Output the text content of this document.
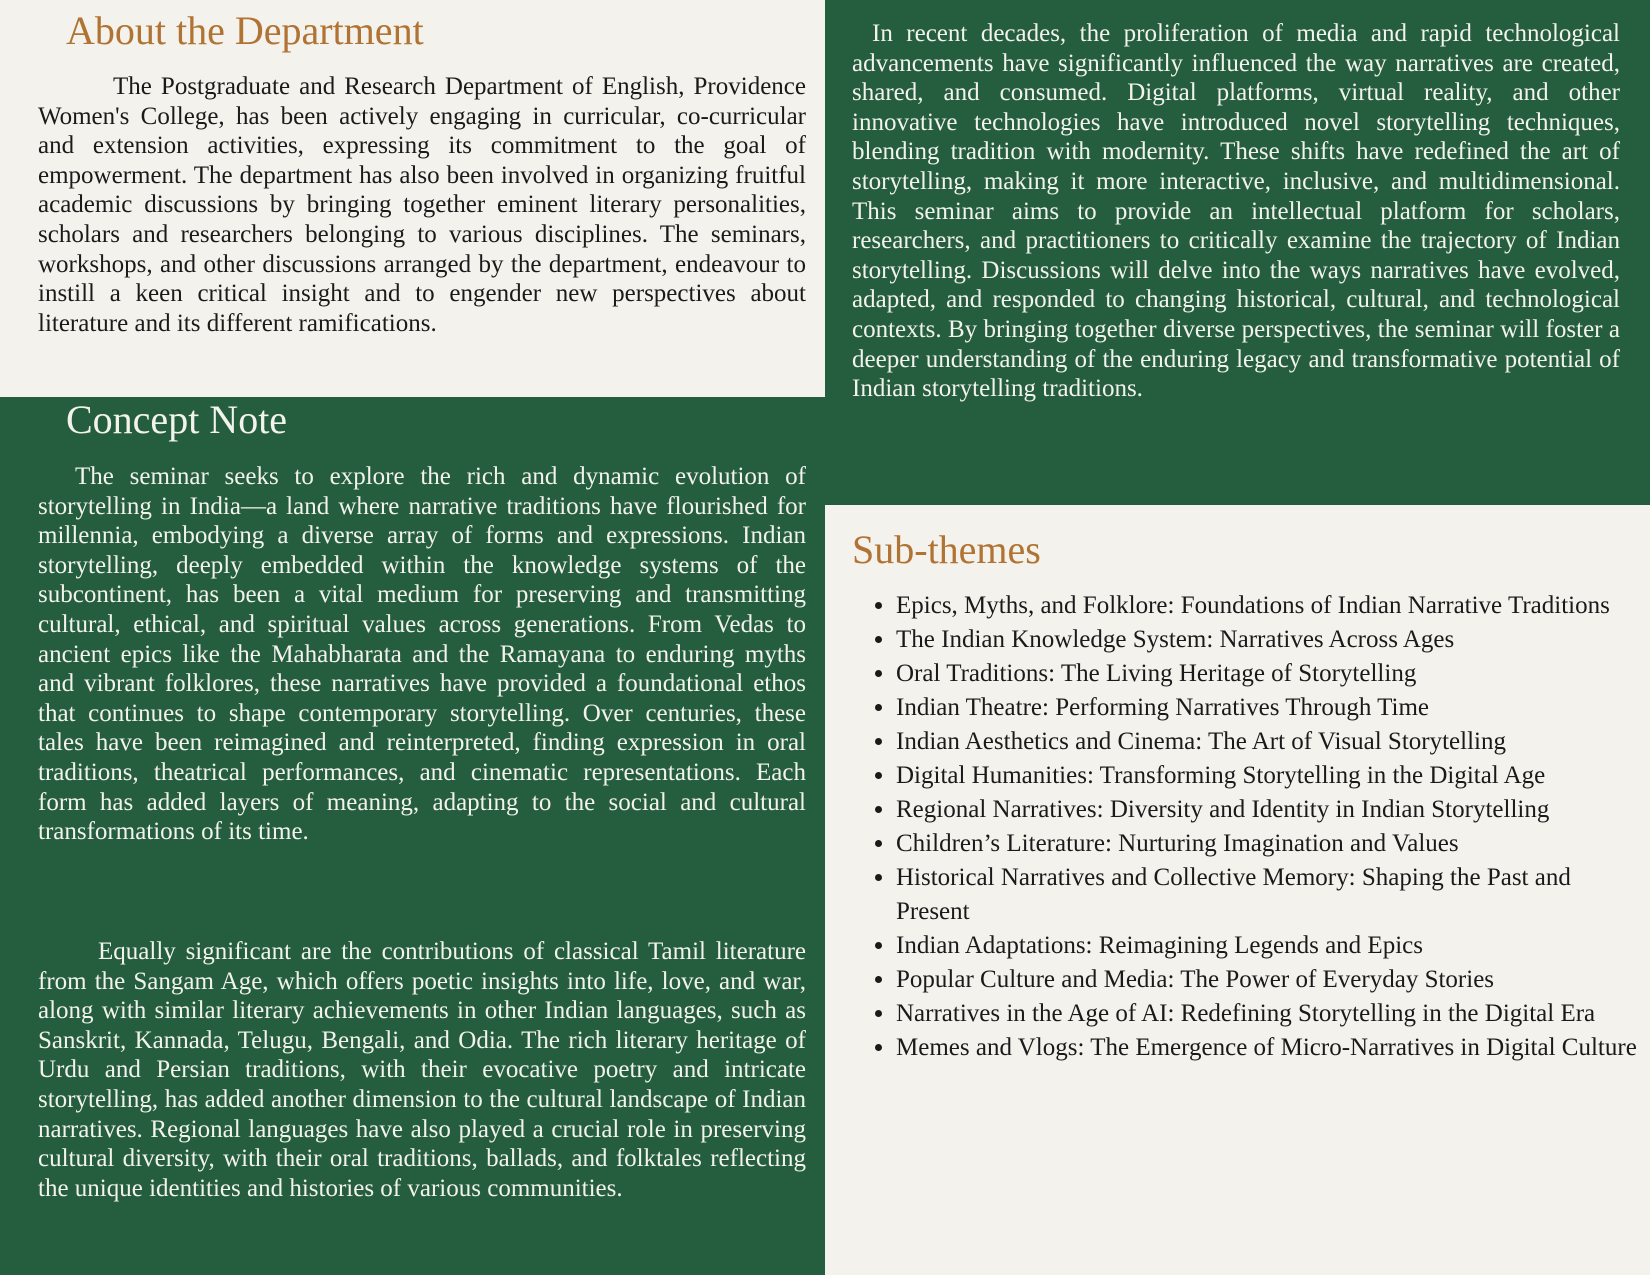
About the Department

The Postgraduate and Research Department of English, Providence Women's College, has been actively engaging in curricular, co-curricular and extension activities, expressing its commitment to the goal of empowerment. The department has also been involved in organizing fruitful academic discussions by bringing together eminent literary personalities, scholars and researchers belonging to various disciplines. The seminars, workshops, and other discussions arranged by the department, endeavour to instill a keen critical insight and to engender new perspectives about literature and its different ramifications.

Concept Note

The seminar seeks to explore the rich and dynamic evolution of storytelling in India—a land where narrative traditions have flourished for millennia, embodying a diverse array of forms and expressions. Indian storytelling, deeply embedded within the knowledge systems of the subcontinent, has been a vital medium for preserving and transmitting cultural, ethical, and spiritual values across generations. From Vedas to ancient epics like the Mahabharata and the Ramayana to enduring myths and vibrant folklores, these narratives have provided a foundational ethos that continues to shape contemporary storytelling. Over centuries, these tales have been reimagined and reinterpreted, finding expression in oral traditions, theatrical performances, and cinematic representations. Each form has added layers of meaning, adapting to the social and cultural transformations of its time.

Equally significant are the contributions of classical Tamil literature from the Sangam Age, which offers poetic insights into life, love, and war, along with similar literary achievements in other Indian languages, such as Sanskrit, Kannada, Telugu, Bengali, and Odia. The rich literary heritage of Urdu and Persian traditions, with their evocative poetry and intricate storytelling, has added another dimension to the cultural landscape of Indian narratives. Regional languages have also played a crucial role in preserving cultural diversity, with their oral traditions, ballads, and folktales reflecting the unique identities and histories of various communities.

In recent decades, the proliferation of media and rapid technological advancements have significantly influenced the way narratives are created, shared, and consumed. Digital platforms, virtual reality, and other innovative technologies have introduced novel storytelling techniques, blending tradition with modernity. These shifts have redefined the art of storytelling, making it more interactive, inclusive, and multidimensional. This seminar aims to provide an intellectual platform for scholars, researchers, and practitioners to critically examine the trajectory of Indian storytelling. Discussions will delve into the ways narratives have evolved, adapted, and responded to changing historical, cultural, and technological contexts. By bringing together diverse perspectives, the seminar will foster a deeper understanding of the enduring legacy and transformative potential of Indian storytelling traditions.

Sub-themes
• Epics, Myths, and Folklore: Foundations of Indian Narrative Traditions
• The Indian Knowledge System: Narratives Across Ages
• Oral Traditions: The Living Heritage of Storytelling
• Indian Theatre: Performing Narratives Through Time
• Indian Aesthetics and Cinema: The Art of Visual Storytelling
• Digital Humanities: Transforming Storytelling in the Digital Age
• Regional Narratives: Diversity and Identity in Indian Storytelling
• Children’s Literature: Nurturing Imagination and Values
• Historical Narratives and Collective Memory: Shaping the Past and Present
• Indian Adaptations: Reimagining Legends and Epics
• Popular Culture and Media: The Power of Everyday Stories
• Narratives in the Age of AI: Redefining Storytelling in the Digital Era
• Memes and Vlogs: The Emergence of Micro-Narratives in Digital Culture
